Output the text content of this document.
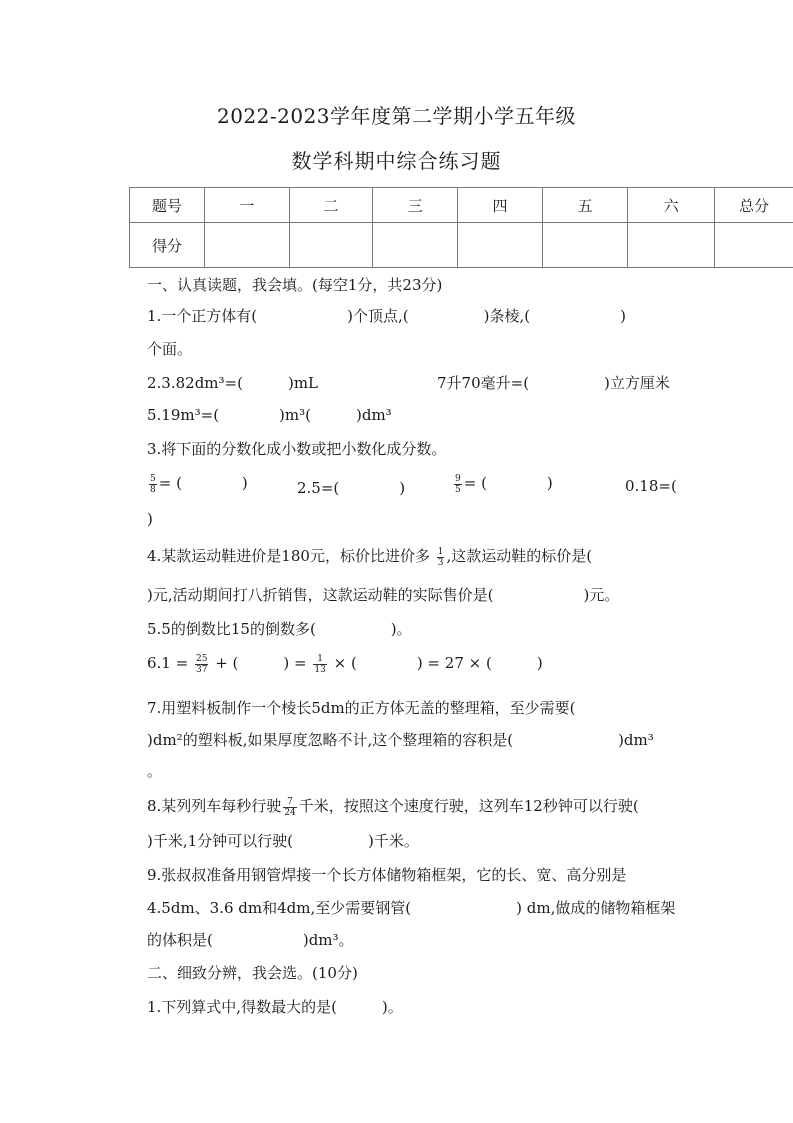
2022-2023学年度第二学期小学五年级
数学科期中综合练习题
题号	一	二	三	四	五	六	总分
得分							
一、认真读题，我会填。(每空1分，共23分)
1.一个正方体有(　　　　　　)个顶点,(　　　　　)条棱,(　　　　　　)
个面。
2.3.82dm³=(　　　)mL	7升70毫升=(　　　　　)立方厘米
5.19m³=(　　　　)m³(　　　)dm³
3.将下面的分数化成小数或把小数化成分数。
$\frac{5}{8}$ = (　　　　)	2.5=(　　　　)	$\frac{9}{5}$ = (　　　　)	0.18=(
)
4.某款运动鞋进价是180元，标价比进价多 $\frac{1}{3}$ ,这款运动鞋的标价是(
)元,活动期间打八折销售，这款运动鞋的实际售价是(　　　　　　)元。
5.5的倒数比15的倒数多(　　　　　)。
$6.1 = \frac{25}{37}$ + (　　　) = $\frac{1}{13}$ × (　　　　) = 27 × (　　　)
7.用塑料板制作一个棱长5dm的正方体无盖的整理箱，至少需要(
)dm²的塑料板,如果厚度忽略不计,这个整理箱的容积是(　　　　　　　)dm³
。
8.某列列车每秒行驶 $\frac{7}{24}$ 千米，按照这个速度行驶，这列车12秒钟可以行驶(
)千米,1分钟可以行驶(　　　　　)千米。
9.张叔叔准备用钢管焊接一个长方体储物箱框架，它的长、宽、高分别是
4.5dm、3.6 dm和4dm,至少需要钢管(　　　　　　　) dm,做成的储物箱框架
的体积是(　　　　　　)dm³。
二、细致分辨，我会选。(10分)
1.下列算式中,得数最大的是(　　　)。
